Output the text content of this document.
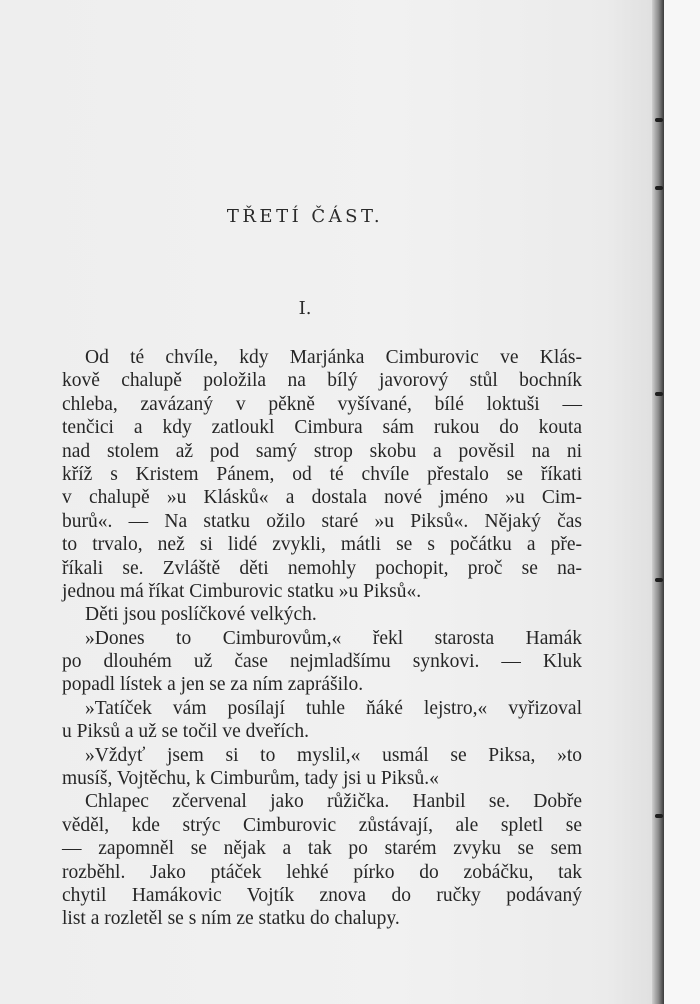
TŘETÍ ČÁST.
I.
Od té chvíle, kdy Marjánka Cimburovic ve Klás-
kově chalupě položila na bílý javorový stůl bochník
chleba, zavázaný v pěkně vyšívané, bílé loktuši —
tenčici a kdy zatloukl Cimbura sám rukou do kouta
nad stolem až pod samý strop skobu a pověsil na ni
kříž s Kristem Pánem, od té chvíle přestalo se říkati
v chalupě »u Klásků« a dostala nové jméno »u Cim-
burů«. — Na statku ožilo staré »u Piksů«. Nějaký čas
to trvalo, než si lidé zvykli, mátli se s počátku a pře-
říkali se. Zvláště děti nemohly pochopit, proč se na-
jednou má říkat Cimburovic statku »u Piksů«.
Děti jsou poslíčkové velkých.
»Dones to Cimburovům,« řekl starosta Hamák
po dlouhém už čase nejmladšímu synkovi. — Kluk
popadl lístek a jen se za ním zaprášilo.
»Tatíček vám posílají tuhle ňáké lejstro,« vyřizoval
u Piksů a už se točil ve dveřích.
»Vždyť jsem si to myslil,« usmál se Piksa, »to
musíš, Vojtěchu, k Cimburům, tady jsi u Piksů.«
Chlapec zčervenal jako růžička. Hanbil se. Dobře
věděl, kde strýc Cimburovic zůstávají, ale spletl se
— zapomněl se nějak a tak po starém zvyku se sem
rozběhl. Jako ptáček lehké pírko do zobáčku, tak
chytil Hamákovic Vojtík znova do ručky podávaný
list a rozletěl se s ním ze statku do chalupy.
